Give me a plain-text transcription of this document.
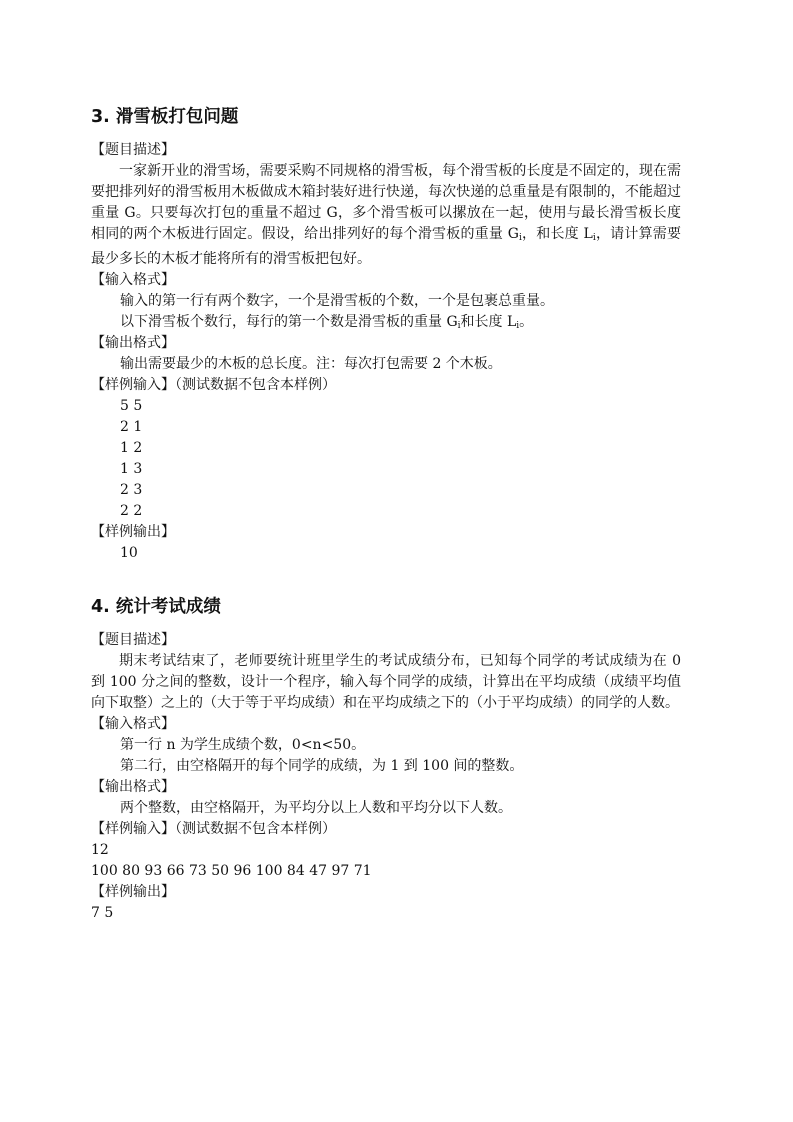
3. 滑雪板打包问题
【题目描述】

一家新开业的滑雪场，需要采购不同规格的滑雪板，每个滑雪板的长度是不固定的，现在需要把排列好的滑雪板用木板做成木箱封装好进行快递，每次快递的总重量是有限制的，不能超过重量 G。只要每次打包的重量不超过 G，多个滑雪板可以摞放在一起，使用与最长滑雪板长度相同的两个木板进行固定。假设，给出排列好的每个滑雪板的重量 $G_i$，和长度 $L_i$，请计算需要最少多长的木板才能将所有的滑雪板把包好。

【输入格式】
输入的第一行有两个数字，一个是滑雪板的个数，一个是包裹总重量。
以下滑雪板个数行，每行的第一个数是滑雪板的重量 $G_i$和长度 $L_i$。
【输出格式】
输出需要最少的木板的总长度。注：每次打包需要 2 个木板。
【样例输入】（测试数据不包含本样例）
5 5
2 1
1 2
1 3
2 3
2 2
【样例输出】
10
4. 统计考试成绩
【题目描述】

期末考试结束了，老师要统计班里学生的考试成绩分布，已知每个同学的考试成绩为在 0 到 100 分之间的整数，设计一个程序，输入每个同学的成绩，计算出在平均成绩（成绩平均值向下取整）之上的（大于等于平均成绩）和在平均成绩之下的（小于平均成绩）的同学的人数。

【输入格式】
第一行 n 为学生成绩个数，0<n<50。
第二行，由空格隔开的每个同学的成绩，为 1 到 100 间的整数。
【输出格式】
两个整数，由空格隔开，为平均分以上人数和平均分以下人数。
【样例输入】（测试数据不包含本样例）
12
100 80 93 66 73 50 96 100 84 47 97 71
【样例输出】
7 5
